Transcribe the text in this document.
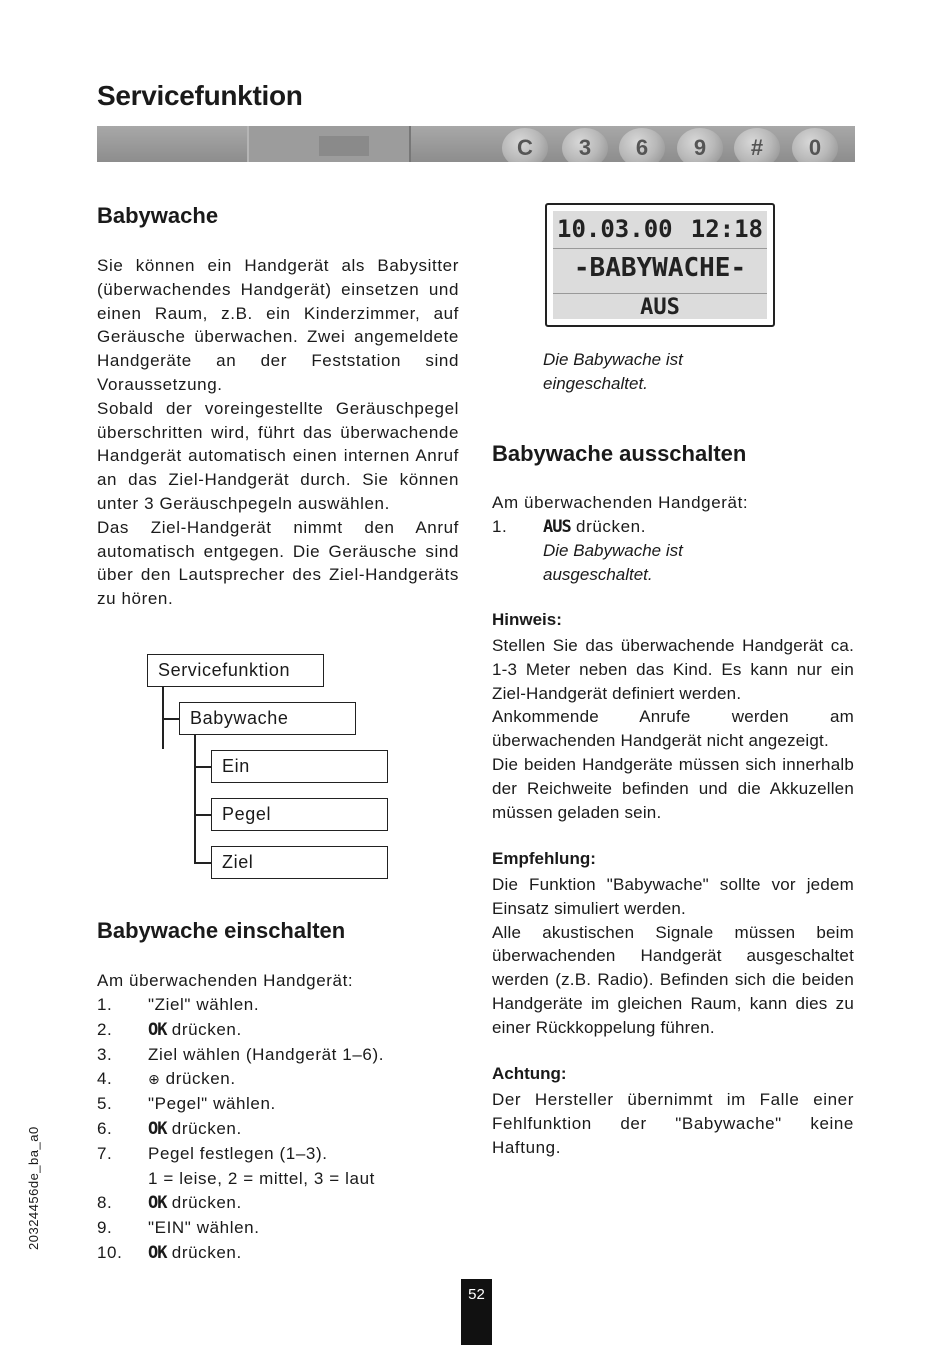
Servicefunktion
C	3	6	9	#	0
Babywache

Sie können ein Handgerät als Babysitter (überwachendes Handgerät) einsetzen und einen Raum, z.B. ein Kinderzimmer, auf Geräusche überwachen. Zwei angemeldete Handgeräte an der Feststation sind Voraussetzung.

Sobald der voreingestellte Geräuschpegel überschritten wird, führt das überwachende Handgerät automatisch einen internen Anruf an das Ziel-Handgerät durch. Sie können unter 3 Geräuschpegeln auswählen.

Das Ziel-Handgerät nimmt den Anruf automatisch entgegen. Die Geräusche sind über den Lautsprecher des Ziel-Handgeräts zu hören.

Servicefunktion
Babywache
Ein
Pegel
Ziel
Babywache einschalten
Am überwachenden Handgerät:
1.	"Ziel" wählen.
2.	OK drücken.
3.	Ziel wählen (Handgerät 1–6).
4.	⊕ drücken.
5.	"Pegel" wählen.
6.	OK drücken.
7.	Pegel festlegen (1–3).
1 = leise, 2 = mittel, 3 = laut
8.	OK drücken.
9.	"EIN" wählen.
10.	OK drücken.
10.03.00 12:18
-BABYWACHE-
AUS

Die Babywache ist eingeschaltet.

Babywache ausschalten
Am überwachenden Handgerät:
1.	AUS drücken.

Die Babywache ist ausgeschaltet.

Hinweis:

Stellen Sie das überwachende Handgerät ca. 1-3 Meter neben das Kind. Es kann nur ein Ziel-Handgerät definiert werden.

Ankommende Anrufe werden am überwachenden Handgerät nicht angezeigt.

Die beiden Handgeräte müssen sich innerhalb der Reichweite befinden und die Akkuzellen müssen geladen sein.

Empfehlung:

Die Funktion "Babywache" sollte vor jedem Einsatz simuliert werden.

Alle akustischen Signale müssen beim überwachenden Handgerät ausgeschaltet werden (z.B. Radio). Befinden sich die beiden Handgeräte im gleichen Raum, kann dies zu einer Rückkoppelung führen.

Achtung:

Der Hersteller übernimmt im Falle einer Fehlfunktion der "Babywache" keine Haftung.

20324456de_ba_a0
52
